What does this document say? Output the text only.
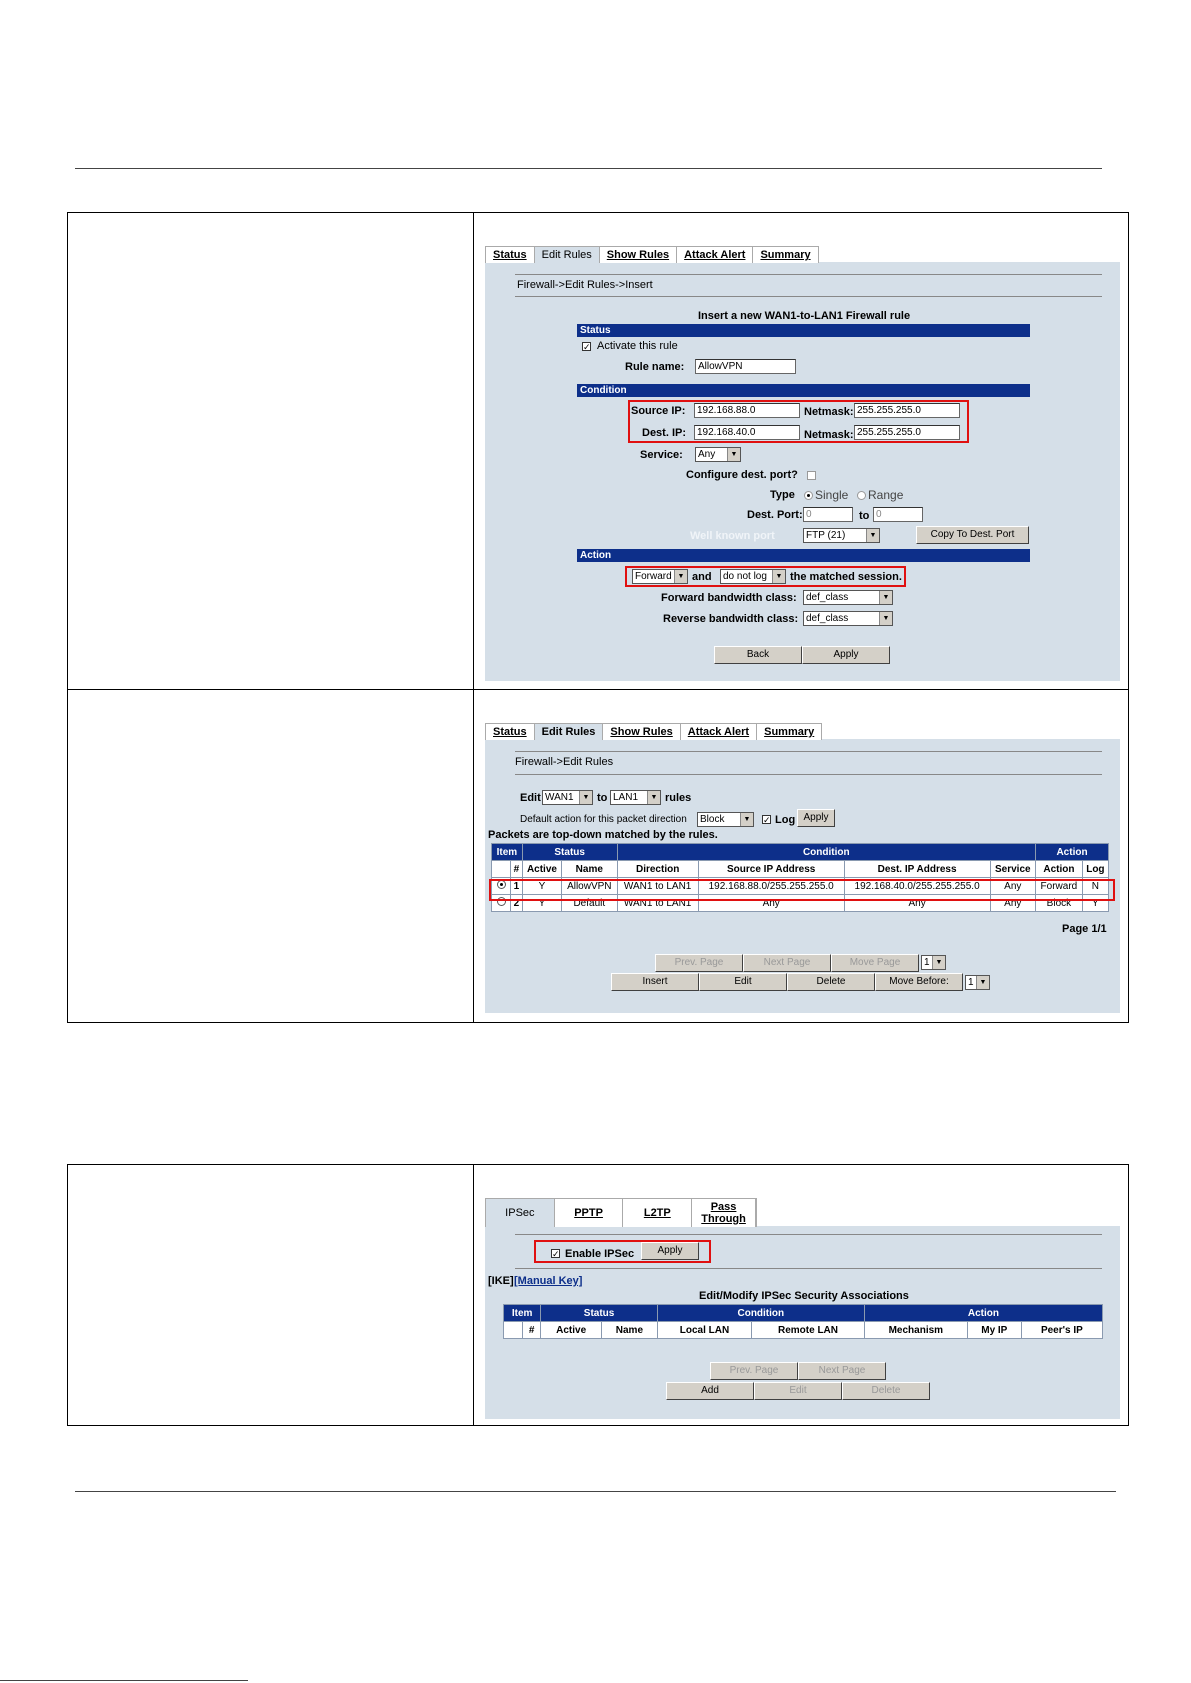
Status	Edit Rules	Show Rules	Attack Alert	Summary
Firewall->Edit Rules->Insert
Insert a new WAN1-to-LAN1 Firewall rule
Status
✓ Activate this rule
Rule name:	AllowVPN
Condition
Source IP:	192.168.88.0	Netmask: 255.255.255.0
Dest. IP:	192.168.40.0	Netmask: 255.255.255.0
Service:	Any	▼
Configure dest. port?
Type Single Range
Dest. Port: 0	to 0
Well known port	FTP (21)	▼	Copy To Dest. Port
Action
Forward ▼ and	do not log	▼ the matched session.
Forward bandwidth class: def_class	▼
Reverse bandwidth class: def_class	▼
Back	Apply
Status	Edit Rules	Show Rules	Attack Alert	Summary
Firewall->Edit Rules
Edit WAN1	▼ to LAN1	▼ rules
Default action for this packet direction	Block	▼ ✓ Log Apply
Packets are top-down matched by the rules.
Item		Status		Condition				Action	
	#	Active	Name	Direction	Source IP Address	Dest. IP Address	Service	Action	Log
	1	Y	AllowVPN	WAN1 to LAN1	192.168.88.0/255.255.255.0	192.168.40.0/255.255.255.0	Any	Forward	N
	2	Y	Default	WAN1 to LAN1	Any	Any	Any	Block	Y
Page 1/1
Prev. Page	Next Page	Move Page	1 ▼
Insert	Edit	Delete	Move Before:	1 ▼
IPSec	PPTP	L2TP	Pass
Through
✓ Enable IPSec	Apply
[IKE] [Manual Key]
Edit/Modify IPSec Security Associations
Item		Status		Condition		Action		
	#	Active	Name	Local LAN	Remote LAN	Mechanism	My IP	Peer's IP
Prev. Page	Next Page
Add	Edit	Delete
